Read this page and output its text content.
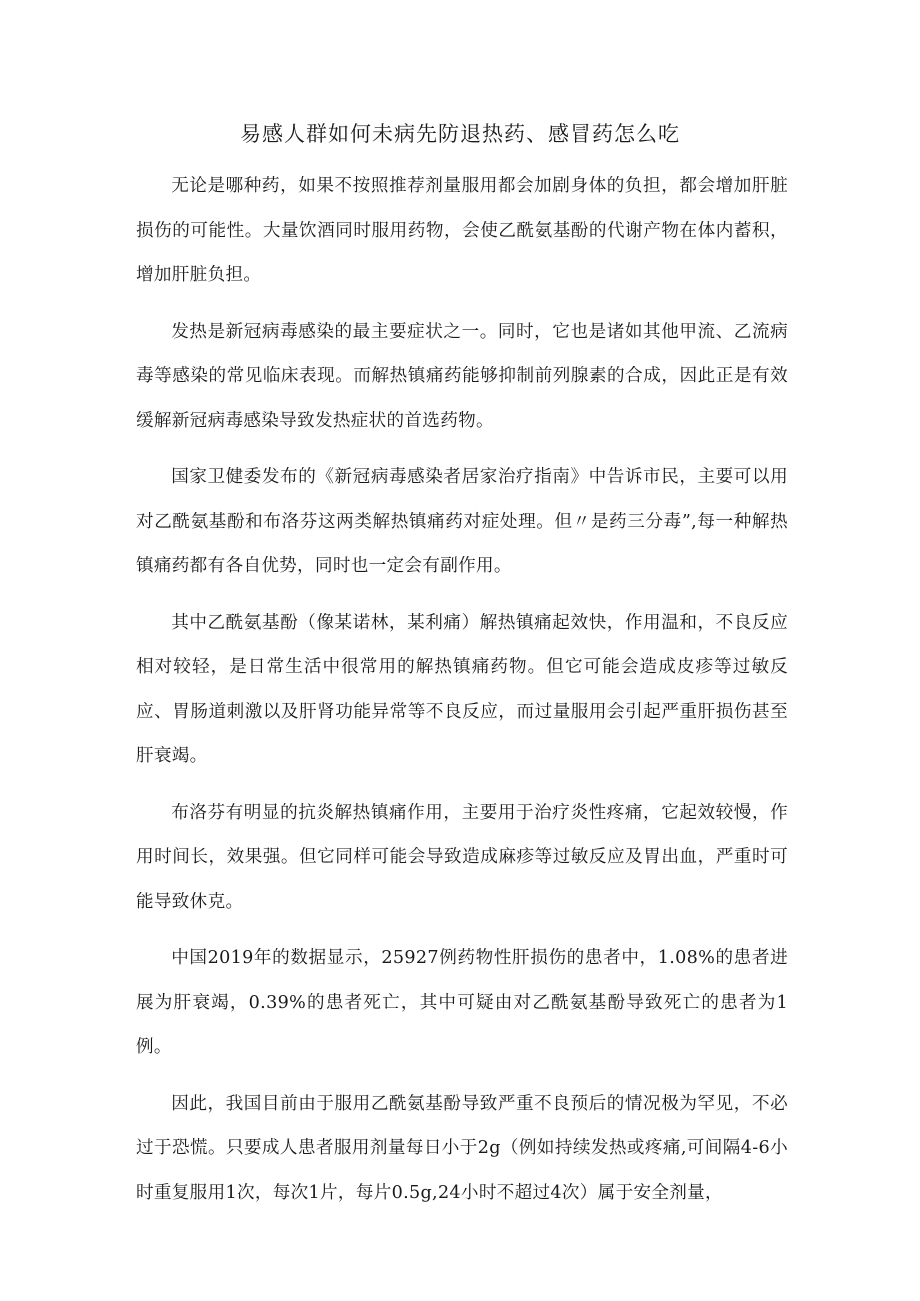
易感人群如何未病先防退热药、感冒药怎么吃

无论是哪种药，如果不按照推荐剂量服用都会加剧身体的负担，都会增加肝脏损伤的可能性。大量饮酒同时服用药物，会使乙酰氨基酚的代谢产物在体内蓄积，增加肝脏负担。

发热是新冠病毒感染的最主要症状之一。同时，它也是诸如其他甲流、乙流病毒等感染的常见临床表现。而解热镇痛药能够抑制前列腺素的合成，因此正是有效缓解新冠病毒感染导致发热症状的首选药物。

国家卫健委发布的《新冠病毒感染者居家治疗指南》中告诉市民，主要可以用对乙酰氨基酚和布洛芬这两类解热镇痛药对症处理。但〃是药三分毒”,每一种解热镇痛药都有各自优势，同时也一定会有副作用。

其中乙酰氨基酚（像某诺林，某利痛）解热镇痛起效快，作用温和，不良反应相对较轻，是日常生活中很常用的解热镇痛药物。但它可能会造成皮疹等过敏反应、胃肠道刺激以及肝肾功能异常等不良反应，而过量服用会引起严重肝损伤甚至肝衰竭。

布洛芬有明显的抗炎解热镇痛作用，主要用于治疗炎性疼痛，它起效较慢，作用时间长，效果强。但它同样可能会导致造成麻疹等过敏反应及胃出血，严重时可能导致休克。

中国2019年的数据显示，25927例药物性肝损伤的患者中，1.08%的患者进展为肝衰竭，0.39%的患者死亡，其中可疑由对乙酰氨基酚导致死亡的患者为1例。

因此，我国目前由于服用乙酰氨基酚导致严重不良预后的情况极为罕见，不必过于恐慌。只要成人患者服用剂量每日小于2g（例如持续发热或疼痛,可间隔4-6小时重复服用1次，每次1片，每片0.5g,24小时不超过4次）属于安全剂量，
